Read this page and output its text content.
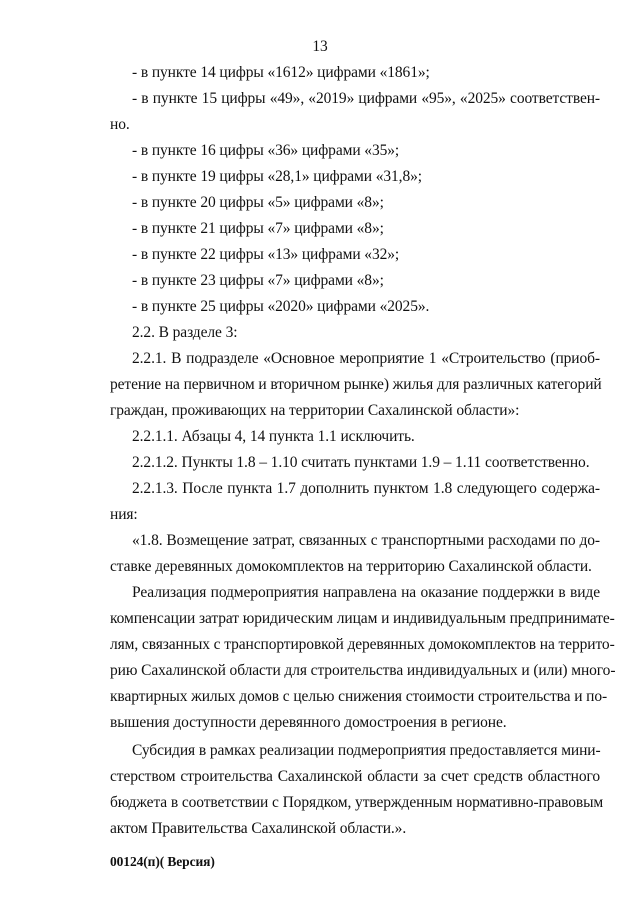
13
- в пункте 14 цифры «1612» цифрами «1861»;
- в пункте 15 цифры «49», «2019» цифрами «95», «2025» соответствен-
но.
- в пункте 16 цифры «36» цифрами «35»;
- в пункте 19 цифры «28,1» цифрами «31,8»;
- в пункте 20 цифры «5» цифрами «8»;
- в пункте 21 цифры «7» цифрами «8»;
- в пункте 22 цифры «13» цифрами «32»;
- в пункте 23 цифры «7» цифрами «8»;
- в пункте 25 цифры «2020» цифрами «2025».
2.2. В разделе 3:
2.2.1. В подразделе «Основное мероприятие 1 «Строительство (приоб-
ретение на первичном и вторичном рынке) жилья для различных категорий
граждан, проживающих на территории Сахалинской области»:
2.2.1.1. Абзацы 4, 14 пункта 1.1 исключить.
2.2.1.2. Пункты 1.8 – 1.10 считать пунктами 1.9 – 1.11 соответственно.
2.2.1.3. После пункта 1.7 дополнить пунктом 1.8 следующего содержа-
ния:
«1.8. Возмещение затрат, связанных с транспортными расходами по до-
ставке деревянных домокомплектов на территорию Сахалинской области.
Реализация подмероприятия направлена на оказание поддержки в виде
компенсации затрат юридическим лицам и индивидуальным предпринимате-
лям, связанных с транспортировкой деревянных домокомплектов на террито-
рию Сахалинской области для строительства индивидуальных и (или) много-
квартирных жилых домов с целью снижения стоимости строительства и по-
вышения доступности деревянного домостроения в регионе.
Субсидия в рамках реализации подмероприятия предоставляется мини-
стерством строительства Сахалинской области за счет средств областного
бюджета в соответствии с Порядком, утвержденным нормативно-правовым
актом Правительства Сахалинской области.».
00124(п)( Версия)
